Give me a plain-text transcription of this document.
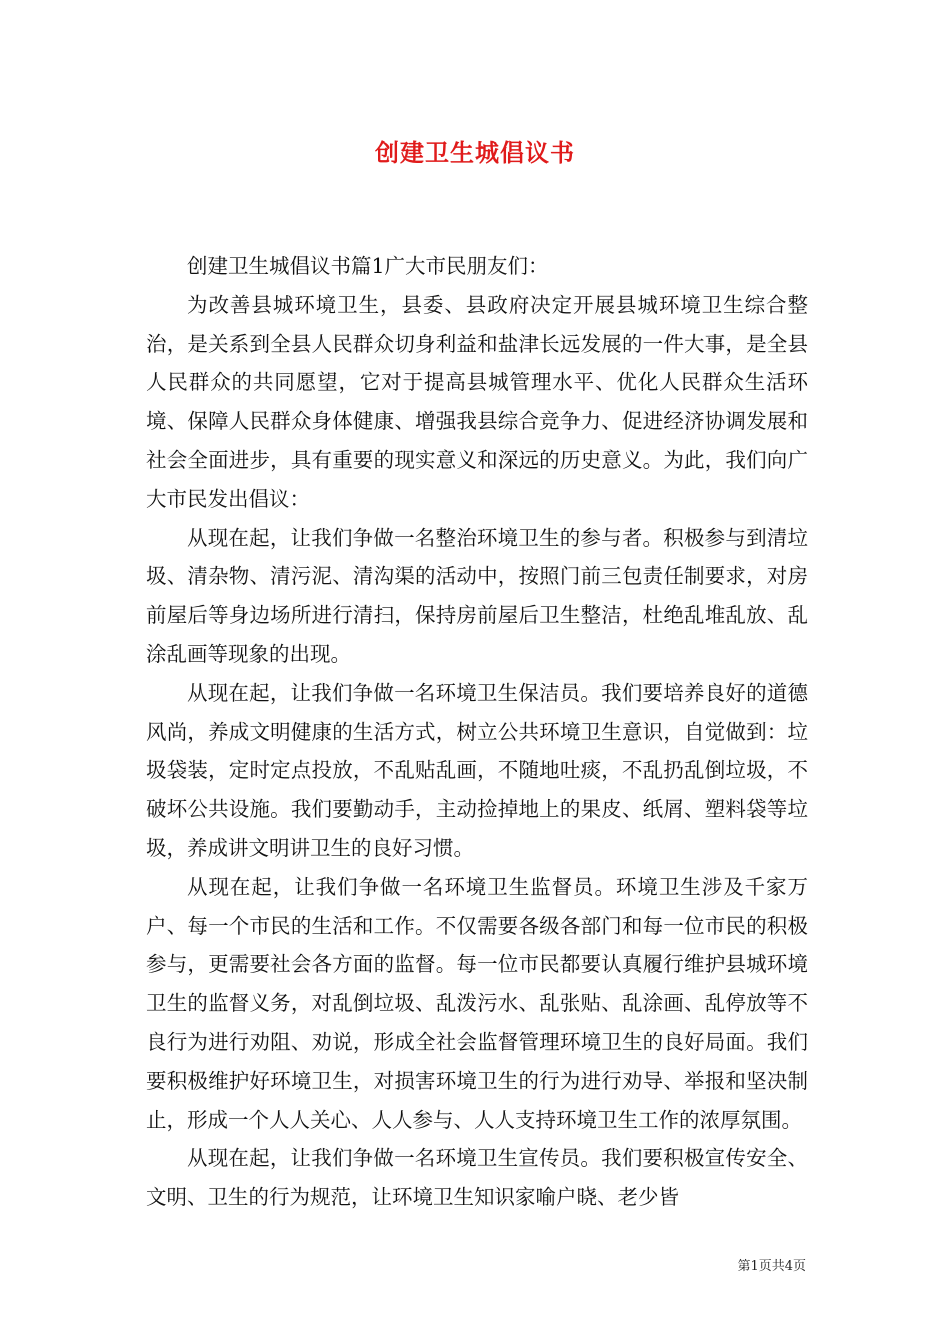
创建卫生城倡议书

创建卫生城倡议书篇1广大市民朋友们：

为改善县城环境卫生，县委、县政府决定开展县城环境卫生综合整治，是关系到全县人民群众切身利益和盐津长远发展的一件大事，是全县人民群众的共同愿望，它对于提高县城管理水平、优化人民群众生活环境、保障人民群众身体健康、增强我县综合竞争力、促进经济协调发展和社会全面进步，具有重要的现实意义和深远的历史意义。为此，我们向广大市民发出倡议：

从现在起，让我们争做一名整治环境卫生的参与者。积极参与到清垃圾、清杂物、清污泥、清沟渠的活动中，按照门前三包责任制要求，对房前屋后等身边场所进行清扫，保持房前屋后卫生整洁，杜绝乱堆乱放、乱涂乱画等现象的出现。

从现在起，让我们争做一名环境卫生保洁员。我们要培养良好的道德风尚，养成文明健康的生活方式，树立公共环境卫生意识，自觉做到：垃圾袋装，定时定点投放，不乱贴乱画，不随地吐痰，不乱扔乱倒垃圾，不破坏公共设施。我们要勤动手，主动捡掉地上的果皮、纸屑、塑料袋等垃圾，养成讲文明讲卫生的良好习惯。

从现在起，让我们争做一名环境卫生监督员。环境卫生涉及千家万户、每一个市民的生活和工作。不仅需要各级各部门和每一位市民的积极参与，更需要社会各方面的监督。每一位市民都要认真履行维护县城环境卫生的监督义务，对乱倒垃圾、乱泼污水、乱张贴、乱涂画、乱停放等不良行为进行劝阻、劝说，形成全社会监督管理环境卫生的良好局面。我们要积极维护好环境卫生，对损害环境卫生的行为进行劝导、举报和坚决制止，形成一个人人关心、人人参与、人人支持环境卫生工作的浓厚氛围。

从现在起，让我们争做一名环境卫生宣传员。我们要积极宣传安全、文明、卫生的行为规范，让环境卫生知识家喻户晓、老少皆

第1页共4页
